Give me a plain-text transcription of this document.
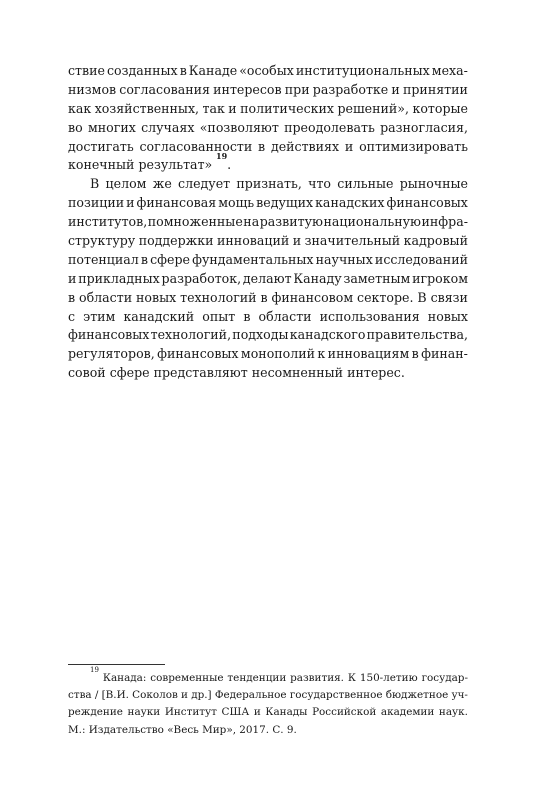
ствие созданных в Канаде «особых институциональных меха-
низмов согласования интересов при разработке и принятии
как хозяйственных, так и политических решений», которые
во многих случаях «позволяют преодолевать разногласия,
достигать согласованности в действиях и оптимизировать
конечный результат»
19
.
В целом же следует признать, что сильные рыночные
позиции и финансовая мощь ведущих канадских финансовых
институтов, помноженные на развитую национальную инфра-
структуру поддержки инноваций и значительный кадровый
потенциал в сфере фундаментальных научных исследований
и прикладных разработок, делают Канаду заметным игроком
в области новых технологий в финансовом секторе. В связи
с этим канадский опыт в области использования новых
финансовых технологий, подходы канадского правительства,
регуляторов, финансовых монополий к инновациям в финан-
совой сфере представляют несомненный интерес.
19
Канада: современные тенденции развития. К 150-летию государ-
ства / [В.И. Соколов и др.] Федеральное государственное бюджетное уч-
реждение науки Институт США и Канады Российской академии наук.
М.: Издательство «Весь Мир», 2017. С. 9.
